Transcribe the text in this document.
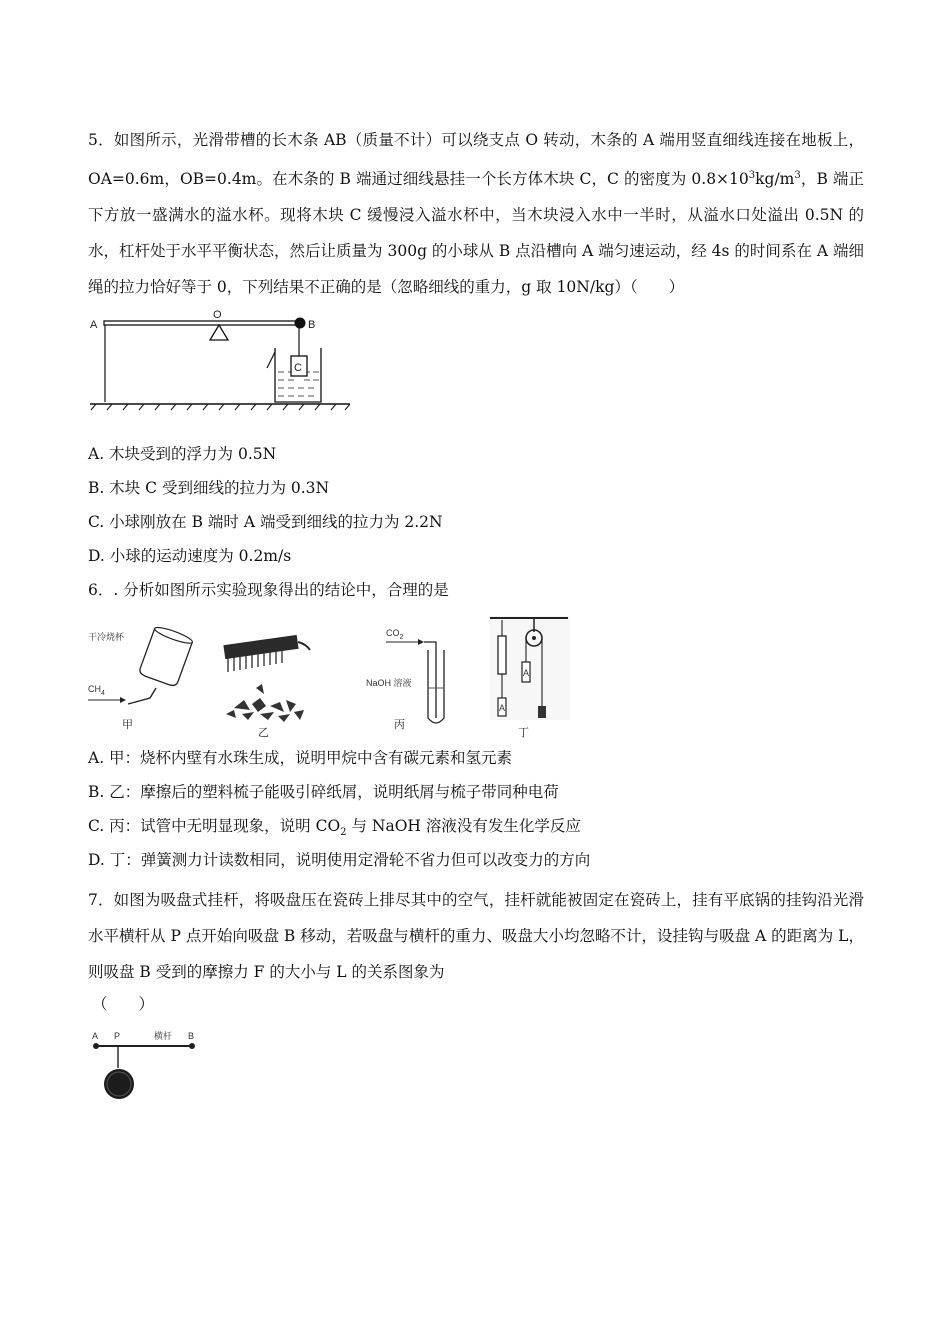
5．如图所示，光滑带槽的长木条 AB（质量不计）可以绕支点 O 转动，木条的 A 端用竖直细线连接在地板上，OA=0.6m，OB=0.4m。在木条的 B 端通过细线悬挂一个长方体木块 C，C 的密度为 $0.8\times 10^3kg/m^3$，B 端正下方放一盛满水的溢水杯。现将木块 C 缓慢浸入溢水杯中，当木块浸入水中一半时，从溢水口处溢出 0.5N 的水，杠杆处于水平平衡状态，然后让质量为 300g 的小球从 B 点沿槽向 A 端匀速运动，经 4s 的时间系在 A 端细绳的拉力恰好等于 0，下列结果不正确的是（忽略细线的重力，g 取 10N/kg）（　　）
A
O
B
C
A. 木块受到的浮力为 0.5N
B. 木块 C 受到细线的拉力为 0.3N
C. 小球刚放在 B 端时 A 端受到细线的拉力为 2.2N
D. 小球的运动速度为 0.2m/s
6．. 分析如图所示实验现象得出的结论中，合理的是
干冷烧杯
$CH_4$
甲
乙
$CO_2$
NaOH 溶液
丙
A
A
丁
A. 甲：烧杯内壁有水珠生成，说明甲烷中含有碳元素和氢元素
B. 乙：摩擦后的塑料梳子能吸引碎纸屑，说明纸屑与梳子带同种电荷
C. 丙：试管中无明显现象，说明 $CO_2$ 与 NaOH 溶液没有发生化学反应
D. 丁：弹簧测力计读数相同，说明使用定滑轮不省力但可以改变力的方向
7．如图为吸盘式挂杆，将吸盘压在瓷砖上排尽其中的空气，挂杆就能被固定在瓷砖上，挂有平底锅的挂钩沿光滑水平横杆从 P 点开始向吸盘 B 移动，若吸盘与横杆的重力、吸盘大小均忽略不计，设挂钩与吸盘 A 的距离为 L，则吸盘 B 受到的摩擦力 F 的大小与 L 的关系图象为
（　　）
A P	横杆 B
